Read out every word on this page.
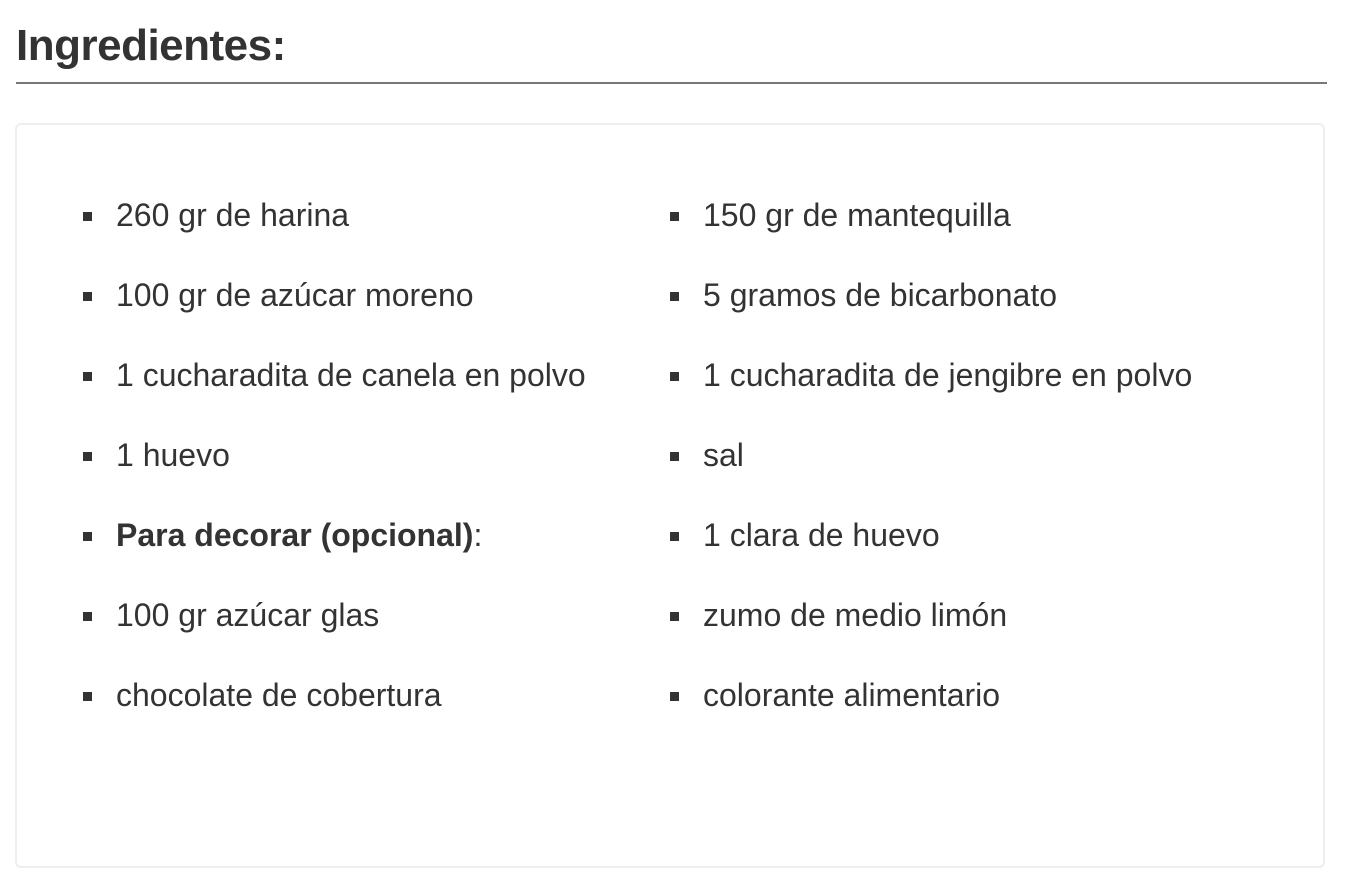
Ingredientes:
260 gr de harina
100 gr de azúcar moreno
1 cucharadita de canela en polvo
1 huevo
Para decorar (opcional):
100 gr azúcar glas
chocolate de cobertura
150 gr de mantequilla
5 gramos de bicarbonato
1 cucharadita de jengibre en polvo
sal
1 clara de huevo
zumo de medio limón
colorante alimentario
